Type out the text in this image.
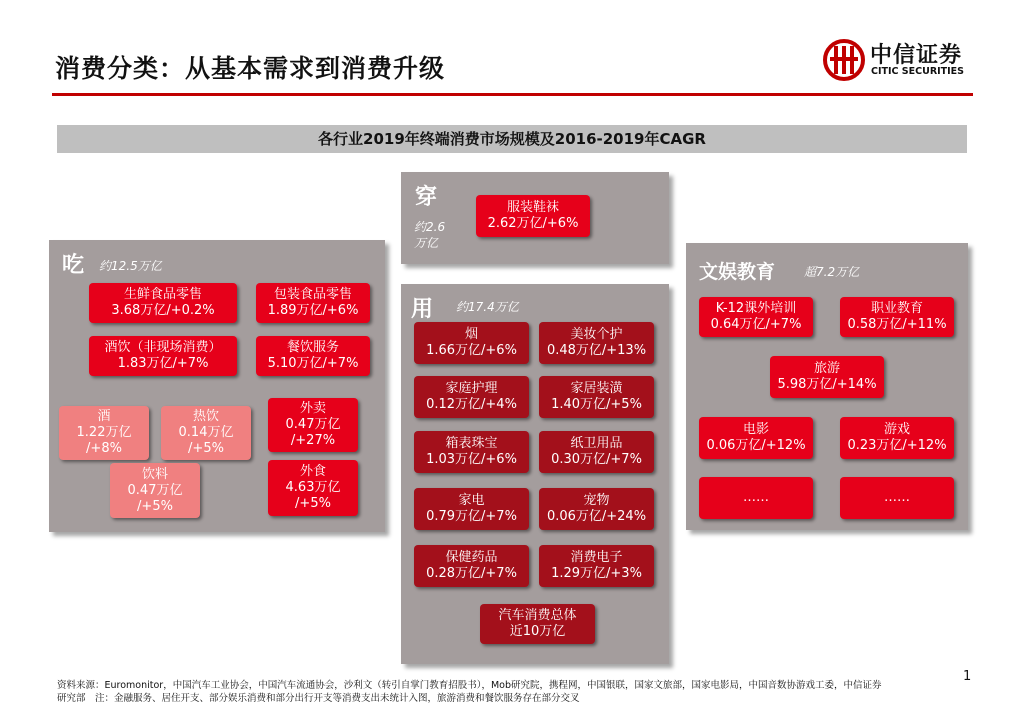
消费分类：从基本需求到消费升级	中信证券
CITIC SECURITIES
各行业2019年终端消费市场规模及2016-2019年CAGR
穿
约2.6
万亿
服装鞋袜
2.62万亿/+6%
吃 约12.5万亿
生鲜食品零售
3.68万亿/+0.2%
包装食品零售
1.89万亿/+6%
酒饮（非现场消费）
1.83万亿/+7%
餐饮服务
5.10万亿/+7%
酒
1.22万亿
/+8%
热饮
0.14万亿
/+5%
饮料
0.47万亿
/+5%
外卖
0.47万亿
/+27%
外食
4.63万亿
/+5%
用 约17.4万亿
烟
1.66万亿/+6%
美妆个护
0.48万亿/+13%
家庭护理
0.12万亿/+4%
家居装潢
1.40万亿/+5%
箱表珠宝
1.03万亿/+6%
纸卫用品
0.30万亿/+7%
家电
0.79万亿/+7%
宠物
0.06万亿/+24%
保健药品
0.28万亿/+7%
消费电子
1.29万亿/+3%
汽车消费总体
近10万亿
文娱教育 超7.2万亿
K-12课外培训
0.64万亿/+7%
职业教育
0.58万亿/+11%
旅游
5.98万亿/+14%
电影
0.06万亿/+12%
游戏
0.23万亿/+12%
……	……
资料来源：Euromonitor，中国汽车工业协会，中国汽车流通协会，沙利文（转引自掌门教育招股书），Mob研究院，携程网，中国银联，国家文旅部，国家电影局，中国音数协游戏工委，中信证券
研究部　注：金融服务、居住开支、部分娱乐消费和部分出行开支等消费支出未统计入图，旅游消费和餐饮服务存在部分交叉
1
